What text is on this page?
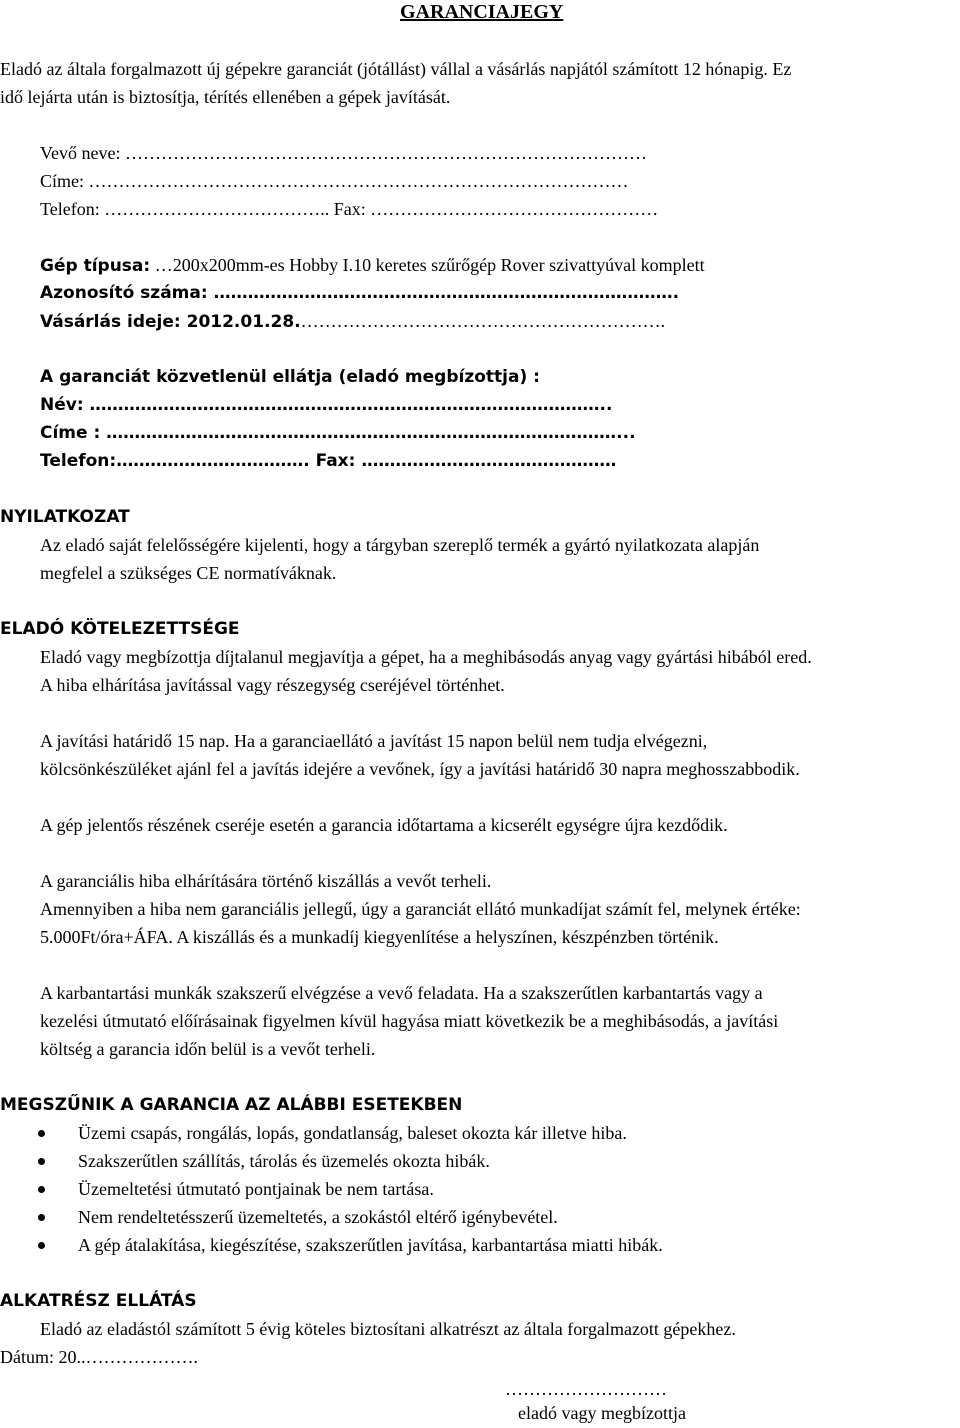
GARANCIAJEGY
Eladó az általa forgalmazott új gépekre garanciát (jótállást) vállal a vásárlás napjától számított 12 hónapig. Ez
idő lejárta után is biztosítja, térítés ellenében a gépek javítását.
Vevő neve: ……………………………………………………………………………
Címe: ………………………………………………………………………………
Telefon: ……………………………….. Fax: …………………………………………
Gép típusa: …200x200mm-es Hobby I.10 keretes szűrőgép Rover szivattyúval komplett
Azonosító száma: ……………………………………………………………………….
Vásárlás ideje: 2012.01.28.…………………………………………………….
A garanciát közvetlenül ellátja (eladó megbízottja) :
Név: ………………………………………………………………………………..
Címe : ………………………………………………………………………………...
Telefon:……………………………. Fax: ………………………………………
NYILATKOZAT
Az eladó saját felelősségére kijelenti, hogy a tárgyban szereplő termék a gyártó nyilatkozata alapján
megfelel a szükséges CE normatíváknak.
ELADÓ KÖTELEZETTSÉGE
Eladó vagy megbízottja díjtalanul megjavítja a gépet, ha a meghibásodás anyag vagy gyártási hibából ered.
A hiba elhárítása javítással vagy részegység cseréjével történhet.
A javítási határidő 15 nap. Ha a garanciaellátó a javítást 15 napon belül nem tudja elvégezni,
kölcsönkészüléket ajánl fel a javítás idejére a vevőnek, így a javítási határidő 30 napra meghosszabbodik.
A gép jelentős részének cseréje esetén a garancia időtartama a kicserélt egységre újra kezdődik.
A garanciális hiba elhárítására történő kiszállás a vevőt terheli.
Amennyiben a hiba nem garanciális jellegű, úgy a garanciát ellátó munkadíjat számít fel, melynek értéke:
5.000Ft/óra+ÁFA. A kiszállás és a munkadíj kiegyenlítése a helyszínen, készpénzben történik.
A karbantartási munkák szakszerű elvégzése a vevő feladata. Ha a szakszerűtlen karbantartás vagy a
kezelési útmutató előírásainak figyelmen kívül hagyása miatt következik be a meghibásodás, a javítási
költség a garancia időn belül is a vevőt terheli.
MEGSZŰNIK A GARANCIA AZ ALÁBBI ESETEKBEN
Üzemi csapás, rongálás, lopás, gondatlanság, baleset okozta kár illetve hiba.
Szakszerűtlen szállítás, tárolás és üzemelés okozta hibák.
Üzemeltetési útmutató pontjainak be nem tartása.
Nem rendeltetésszerű üzemeltetés, a szokástól eltérő igénybevétel.
A gép átalakítása, kiegészítése, szakszerűtlen javítása, karbantartása miatti hibák.
ALKATRÉSZ ELLÁTÁS
Eladó az eladástól számított 5 évig köteles biztosítani alkatrészt az általa forgalmazott gépekhez.
Dátum: 20..……………….
………………………
eladó vagy megbízottja
